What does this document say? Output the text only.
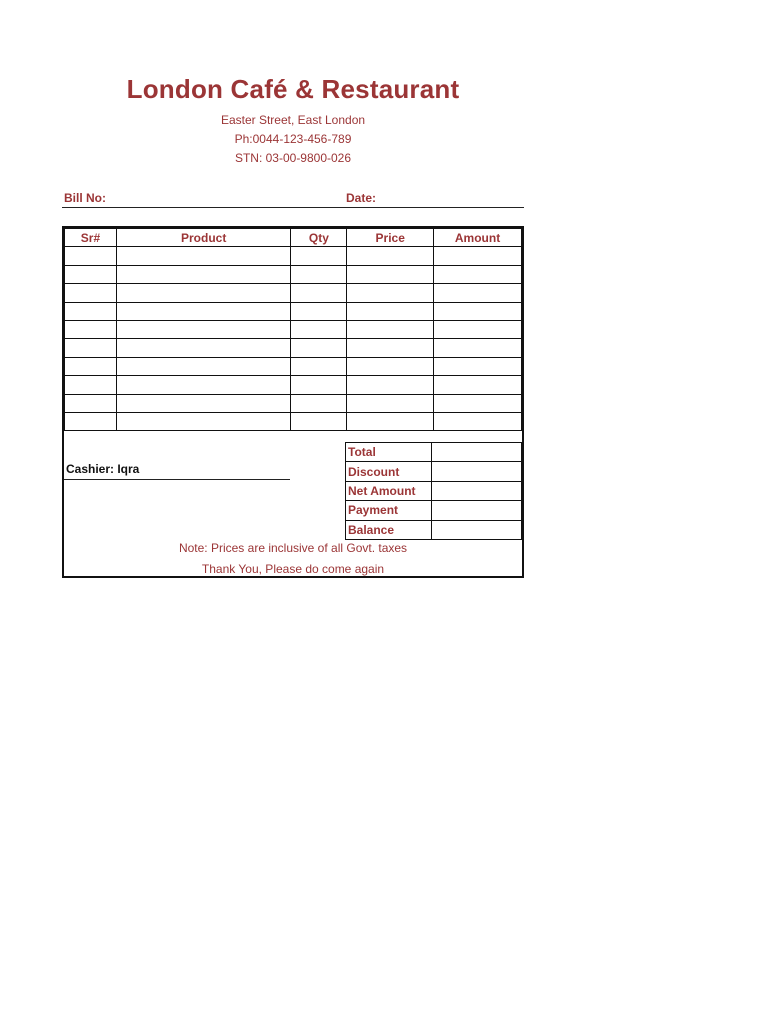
London Café & Restaurant
Easter Street, East London
Ph:0044-123-456-789
STN: 03-00-9800-026
Bill No:	Date:
Sr#	Product	Qty	Price	Amount

Cashier: Iqra
Total	
Discount	
Net Amount	
Payment	
Balance	
Note: Prices are inclusive of all Govt. taxes
Thank You, Please do come again
